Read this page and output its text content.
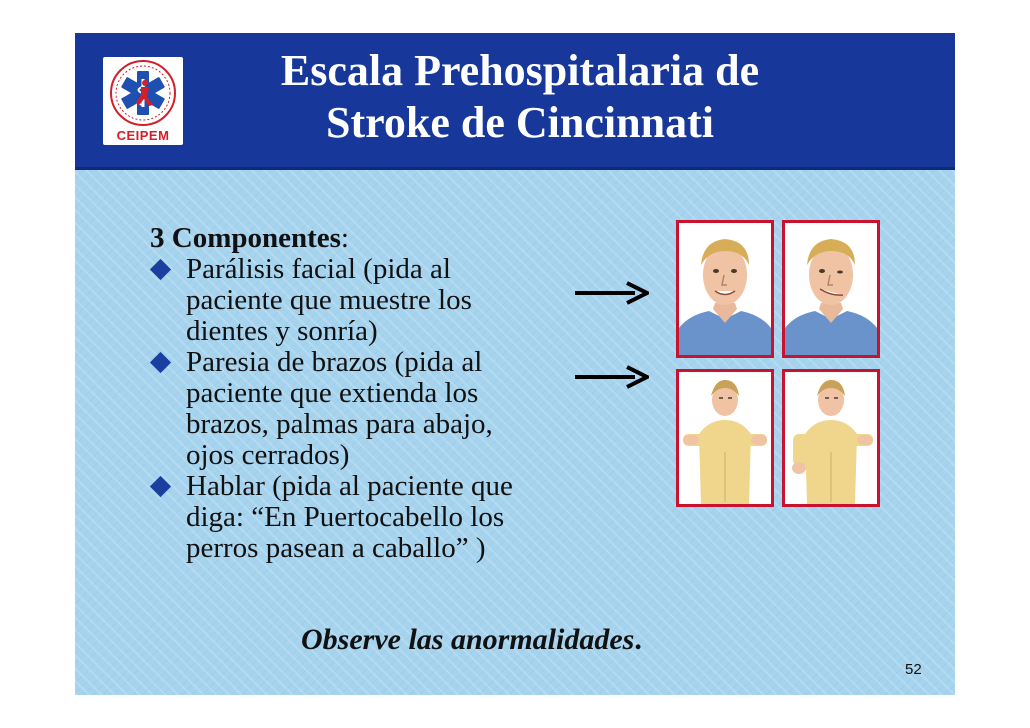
CEIPEM
Escala Prehospitalaria de
Stroke de Cincinnati
3 Componentes:
Parálisis facial (pida al
paciente que muestre los
dientes y sonría)
Paresia de brazos (pida al
paciente que extienda los
brazos, palmas para abajo,
ojos cerrados)
Hablar (pida al paciente que
diga: “En Puertocabello los
perros pasean a caballo” )
Observe las anormalidades.
52
